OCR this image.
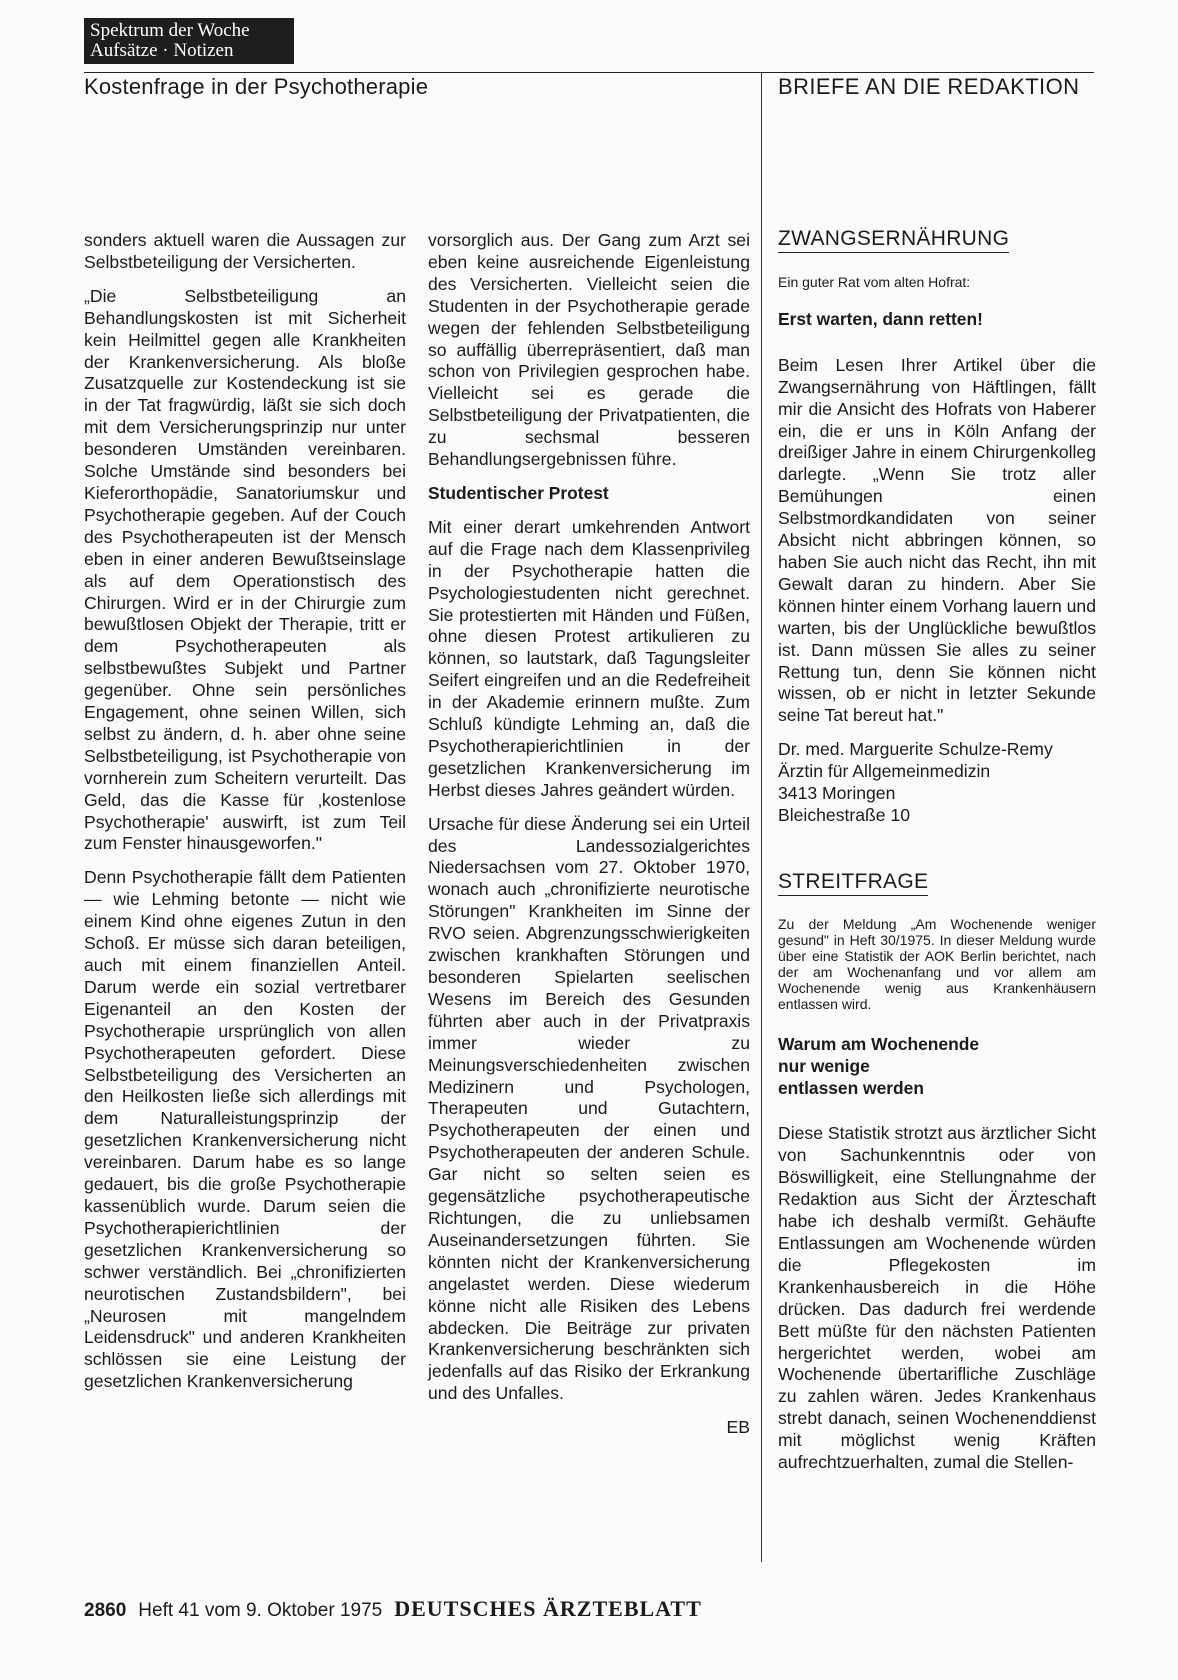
Spektrum der Woche
Aufsätze · Notizen
Kostenfrage in der Psychotherapie	BRIEFE AN DIE REDAKTION

sonders aktuell waren die Aussagen zur Selbstbeteiligung der Versicherten.

„Die Selbstbeteiligung an Behandlungskosten ist mit Sicherheit kein Heilmittel gegen alle Krankheiten der Krankenversicherung. Als bloße Zusatzquelle zur Kostendeckung ist sie in der Tat fragwürdig, läßt sie sich doch mit dem Versicherungsprinzip nur unter besonderen Umständen vereinbaren. Solche Umstände sind besonders bei Kieferorthopädie, Sanatoriumskur und Psychotherapie gegeben. Auf der Couch des Psychotherapeuten ist der Mensch eben in einer anderen Bewußtseinslage als auf dem Operationstisch des Chirurgen. Wird er in der Chirurgie zum bewußtlosen Objekt der Therapie, tritt er dem Psychotherapeuten als selbstbewußtes Subjekt und Partner gegenüber. Ohne sein persönliches Engagement, ohne seinen Willen, sich selbst zu ändern, d. h. aber ohne seine Selbstbeteiligung, ist Psychotherapie von vornherein zum Scheitern verurteilt. Das Geld, das die Kasse für ‚kostenlose Psychotherapie' auswirft, ist zum Teil zum Fenster hinausgeworfen."

Denn Psychotherapie fällt dem Patienten — wie Lehming betonte — nicht wie einem Kind ohne eigenes Zutun in den Schoß. Er müsse sich daran beteiligen, auch mit einem finanziellen Anteil. Darum werde ein sozial vertretbarer Eigenanteil an den Kosten der Psychotherapie ursprünglich von allen Psychotherapeuten gefordert. Diese Selbstbeteiligung des Versicherten an den Heilkosten ließe sich allerdings mit dem Naturalleistungsprinzip der gesetzlichen Krankenversicherung nicht vereinbaren. Darum habe es so lange gedauert, bis die große Psychotherapie kassenüblich wurde. Darum seien die Psychotherapierichtlinien der gesetzlichen Krankenversicherung so schwer verständlich. Bei „chronifizierten neurotischen Zustandsbildern", bei „Neurosen mit mangelndem Leidensdruck" und anderen Krankheiten schlössen sie eine Leistung der gesetzlichen Krankenversicherung

vorsorglich aus. Der Gang zum Arzt sei eben keine ausreichende Eigenleistung des Versicherten. Vielleicht seien die Studenten in der Psychotherapie gerade wegen der fehlenden Selbstbeteiligung so auffällig überrepräsentiert, daß man schon von Privilegien gesprochen habe. Vielleicht sei es gerade die Selbstbeteiligung der Privatpatienten, die zu sechsmal besseren Behandlungsergebnissen führe.

Studentischer Protest

Mit einer derart umkehrenden Antwort auf die Frage nach dem Klassenprivileg in der Psychotherapie hatten die Psychologiestudenten nicht gerechnet. Sie protestierten mit Händen und Füßen, ohne diesen Protest artikulieren zu können, so lautstark, daß Tagungsleiter Seifert eingreifen und an die Redefreiheit in der Akademie erinnern mußte. Zum Schluß kündigte Lehming an, daß die Psychotherapierichtlinien in der gesetzlichen Krankenversicherung im Herbst dieses Jahres geändert würden.

Ursache für diese Änderung sei ein Urteil des Landessozialgerichtes Niedersachsen vom 27. Oktober 1970, wonach auch „chronifizierte neurotische Störungen" Krankheiten im Sinne der RVO seien. Abgrenzungsschwierigkeiten zwischen krankhaften Störungen und besonderen Spielarten seelischen Wesens im Bereich des Gesunden führten aber auch in der Privatpraxis immer wieder zu Meinungsverschiedenheiten zwischen Medizinern und Psychologen, Therapeuten und Gutachtern, Psychotherapeuten der einen und Psychotherapeuten der anderen Schule. Gar nicht so selten seien es gegensätzliche psychotherapeutische Richtungen, die zu unliebsamen Auseinandersetzungen führten. Sie könnten nicht der Krankenversicherung angelastet werden. Diese wiederum könne nicht alle Risiken des Lebens abdecken. Die Beiträge zur privaten Krankenversicherung beschränkten sich jedenfalls auf das Risiko der Erkrankung und des Unfalles.

EB

ZWANGSERNÄHRUNG

Ein guter Rat vom alten Hofrat:

Erst warten, dann retten!

Beim Lesen Ihrer Artikel über die Zwangsernährung von Häftlingen, fällt mir die Ansicht des Hofrats von Haberer ein, die er uns in Köln Anfang der dreißiger Jahre in einem Chirurgenkolleg darlegte. „Wenn Sie trotz aller Bemühungen einen Selbstmordkandidaten von seiner Absicht nicht abbringen können, so haben Sie auch nicht das Recht, ihn mit Gewalt daran zu hindern. Aber Sie können hinter einem Vorhang lauern und warten, bis der Unglückliche bewußtlos ist. Dann müssen Sie alles zu seiner Rettung tun, denn Sie können nicht wissen, ob er nicht in letzter Sekunde seine Tat bereut hat."

Dr. med. Marguerite Schulze-Remy
Ärztin für Allgemeinmedizin
3413 Moringen
Bleichestraße 10

STREITFRAGE

Zu der Meldung „Am Wochenende weniger gesund" in Heft 30/1975. In dieser Meldung wurde über eine Statistik der AOK Berlin berichtet, nach der am Wochenanfang und vor allem am Wochenende wenig aus Krankenhäusern entlassen wird.

Warum am Wochenende
nur wenige
entlassen werden

Diese Statistik strotzt aus ärztlicher Sicht von Sachunkenntnis oder von Böswilligkeit, eine Stellungnahme der Redaktion aus Sicht der Ärzteschaft habe ich deshalb vermißt. Gehäufte Entlassungen am Wochenende würden die Pflegekosten im Krankenhausbereich in die Höhe drücken. Das dadurch frei werdende Bett müßte für den nächsten Patienten hergerichtet werden, wobei am Wochenende übertarifliche Zuschläge zu zahlen wären. Jedes Krankenhaus strebt danach, seinen Wochenenddienst mit möglichst wenig Kräften aufrechtzuerhalten, zumal die Stellen-

2860 Heft 41 vom 9. Oktober 1975 DEUTSCHES ÄRZTEBLATT
